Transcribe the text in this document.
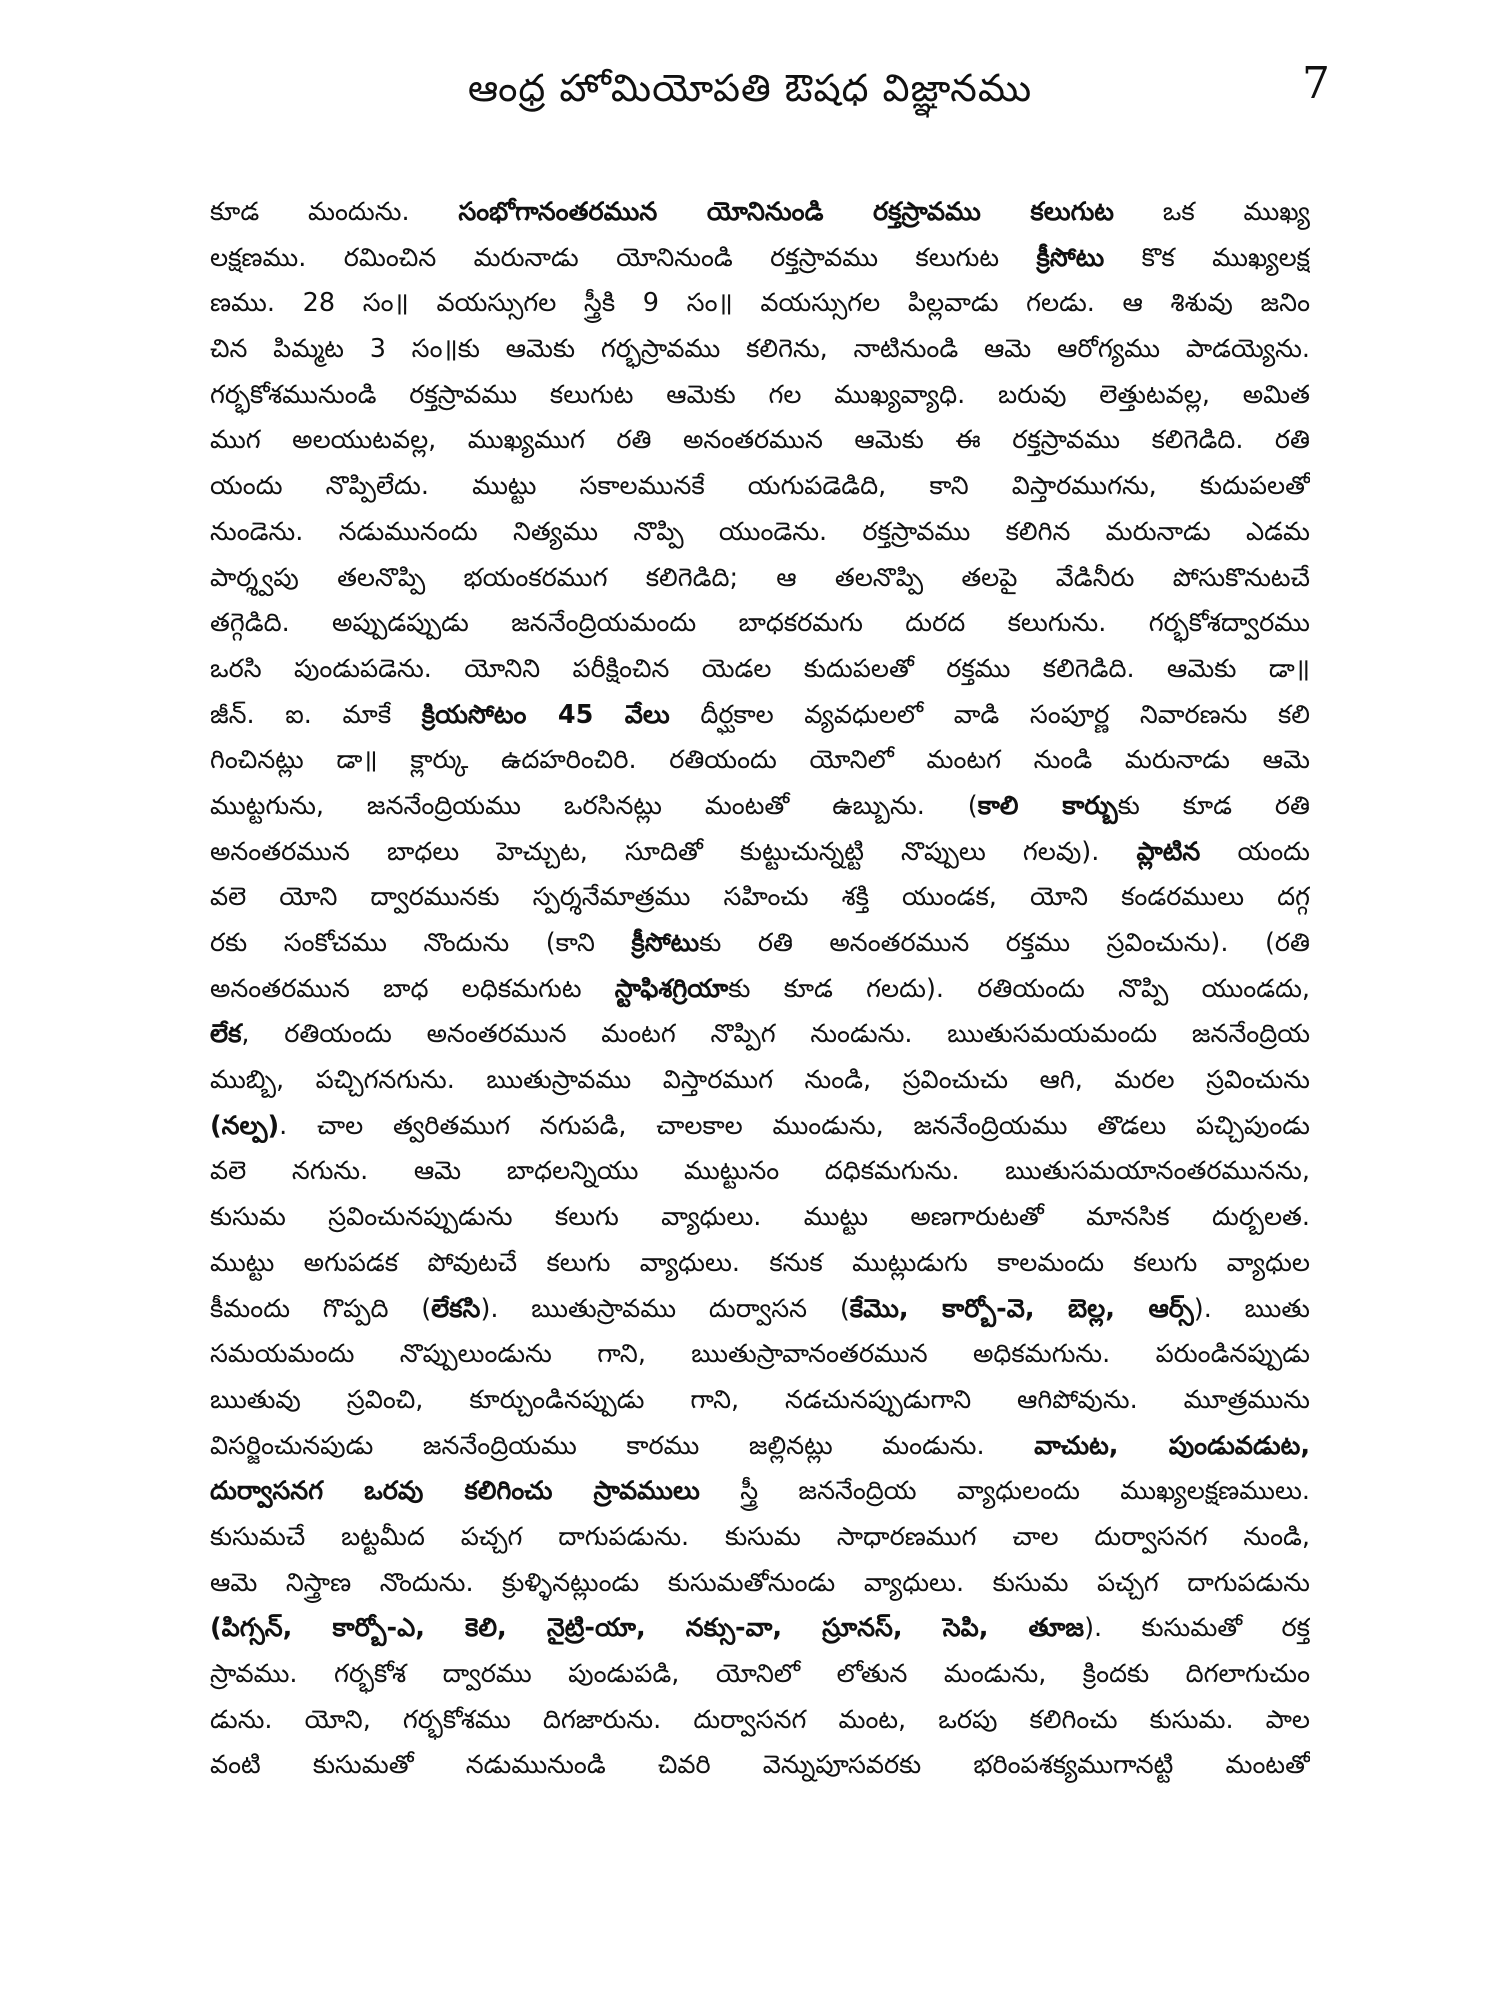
ఆంధ్ర హోమియోపతి ఔషధ విజ్ఞానము	7
కూడ మందును. సంభోగానంతరమున యోనినుండి రక్తస్రావము కలుగుట ఒక ముఖ్య
లక్షణము. రమించిన మరునాడు యోనినుండి రక్తస్రావము కలుగుట క్రీసోటు కొక ముఖ్యలక్ష
ణము. 28 సం॥ వయస్సుగల స్త్రీకి 9 సం॥ వయస్సుగల పిల్లవాడు గలడు. ఆ శిశువు జనిం
చిన పిమ్మట 3 సం॥కు ఆమెకు గర్భస్రావము కలిగెను, నాటినుండి ఆమె ఆరోగ్యము పాడయ్యెను.
గర్భకోశమునుండి రక్తస్రావము కలుగుట ఆమెకు గల ముఖ్యవ్యాధి. బరువు లెత్తుటవల్ల, అమిత
ముగ అలయుటవల్ల, ముఖ్యముగ రతి అనంతరమున ఆమెకు ఈ రక్తస్రావము కలిగెడిది. రతి
యందు నొప్పిలేదు. ముట్టు సకాలమునకే యగుపడెడిది, కాని విస్తారముగను, కుదుపలతో
నుండెను. నడుమునందు నిత్యము నొప్పి యుండెను. రక్తస్రావము కలిగిన మరునాడు ఎడమ
పార్శ్వపు తలనొప్పి భయంకరముగ కలిగెడిది; ఆ తలనొప్పి తలపై వేడినీరు పోసుకొనుటచే
తగ్గెడిది. అప్పుడప్పుడు జననేంద్రియమందు బాధకరమగు దురద కలుగును. గర్భకోశద్వారము
ఒరసి పుండుపడెను. యోనిని పరీక్షించిన యెడల కుదుపలతో రక్తము కలిగెడిది. ఆమెకు డా॥
జీన్. ఐ. మాకే క్రియసోటం 45 వేలు దీర్ఘకాల వ్యవధులలో వాడి సంపూర్ణ నివారణను కలి
గించినట్లు డా॥ క్లార్కు ఉదహరించిరి. రతియందు యోనిలో మంటగ నుండి మరునాడు ఆమె
ముట్టగును, జననేంద్రియము ఒరసినట్లు మంటతో ఉబ్బును. (కాలి కార్బుకు కూడ రతి
అనంతరమున బాధలు హెచ్చుట, సూదితో కుట్టుచున్నట్టి నొప్పులు గలవు). ప్లాటిన యందు
వలె యోని ద్వారమునకు స్పర్శనేమాత్రము సహించు శక్తి యుండక, యోని కండరములు దగ్గ
రకు సంకోచము నొందును (కాని క్రీసోటుకు రతి అనంతరమున రక్తము స్రవించును). (రతి
అనంతరమున బాధ లధికమగుట స్టాఫిశగ్రియాకు కూడ గలదు). రతియందు నొప్పి యుండదు,
లేక, రతియందు అనంతరమున మంటగ నొప్పిగ నుండును. ఋతుసమయమందు జననేంద్రియ
ముబ్బి, పచ్చిగనగును. ఋతుస్రావము విస్తారముగ నుండి, స్రవించుచు ఆగి, మరల స్రవించును
(నల్ప). చాల త్వరితముగ నగుపడి, చాలకాల ముండును, జననేంద్రియము తొడలు పచ్చిపుండు
వలె నగును. ఆమె బాధలన్నియు ముట్టునం దధికమగును. ఋతుసమయానంతరమునను,
కుసుమ స్రవించునప్పుడును కలుగు వ్యాధులు. ముట్టు అణగారుటతో మానసిక దుర్బలత.
ముట్టు అగుపడక పోవుటచే కలుగు వ్యాధులు. కనుక ముట్లుడుగు కాలమందు కలుగు వ్యాధుల
కీమందు గొప్పది (లేకసి). ఋతుస్రావము దుర్వాసన (కేమొ, కార్బో-వె, బెల్ల, ఆర్స్). ఋతు
సమయమందు నొప్పులుండును గాని, ఋతుస్రావానంతరమున అధికమగును. పరుండినప్పుడు
ఋతువు స్రవించి, కూర్చుండినప్పుడు గాని, నడచునప్పుడుగాని ఆగిపోవును. మూత్రమును
విసర్జించునపుడు జననేంద్రియము కారము జల్లినట్లు మండును. వాచుట, పుండువడుట,
దుర్వాసనగ ఒరవు కలిగించు స్రావములు స్త్రీ జననేంద్రియ వ్యాధులందు ముఖ్యలక్షణములు.
కుసుమచే బట్టమీద పచ్చగ దాగుపడును. కుసుమ సాధారణముగ చాల దుర్వాసనగ నుండి,
ఆమె నిస్త్రాణ నొందును. క్రుళ్ళినట్లుండు కుసుమతోనుండు వ్యాధులు. కుసుమ పచ్చగ దాగుపడును
(పిగ్సన్, కార్బో-ఎ, కెలి, నైట్రి-యా, నక్సు-వా, స్రూనస్, సెపి, తూజ). కుసుమతో రక్త
స్రావము. గర్భకోశ ద్వారము పుండుపడి, యోనిలో లోతున మండును, క్రిందకు దిగలాగుచుం
డును. యోని, గర్భకోశము దిగజారును. దుర్వాసనగ మంట, ఒరపు కలిగించు కుసుమ. పాల
వంటి కుసుమతో నడుమునుండి చివరి వెన్నుపూసవరకు భరింపశక్యముగానట్టి మంటతో
